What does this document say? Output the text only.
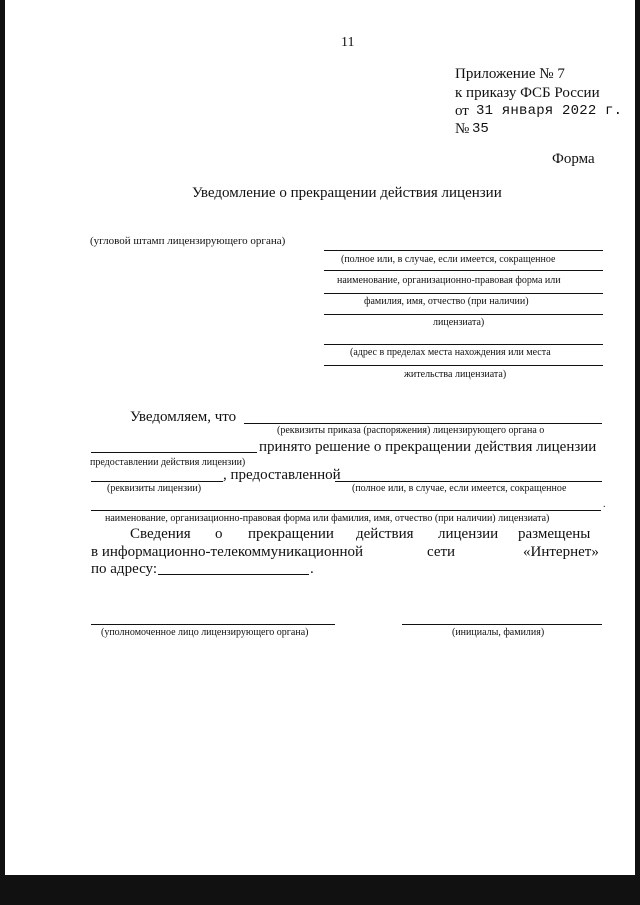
11
Приложение № 7
к приказу ФСБ России
от 31 января 2022 г.
№ 35
Форма
Уведомление о прекращении действия лицензии
(угловой штамп лицензирующего органа)
(полное или, в случае, если имеется, сокращенное
наименование, организационно-правовая форма или
фамилия, имя, отчество (при наличии)
лицензиата)
(адрес в пределах места нахождения или места
жительства лицензиата)
Уведомляем, что
(реквизиты приказа (распоряжения) лицензирующего органа о
принято решение о прекращении действия лицензии
предоставлении действия лицензии)
, предоставленной
(реквизиты лицензии)	(полное или, в случае, если имеется, сокращенное
.
наименование, организационно-правовая форма или фамилия, имя, отчество (при наличии) лицензиата)
Сведения о прекращении действия лицензии размещены
в информационно-телекоммуникационной	сети	«Интернет»
по адресу:	.
(уполномоченное лицо лицензирующего органа)	(инициалы, фамилия)
